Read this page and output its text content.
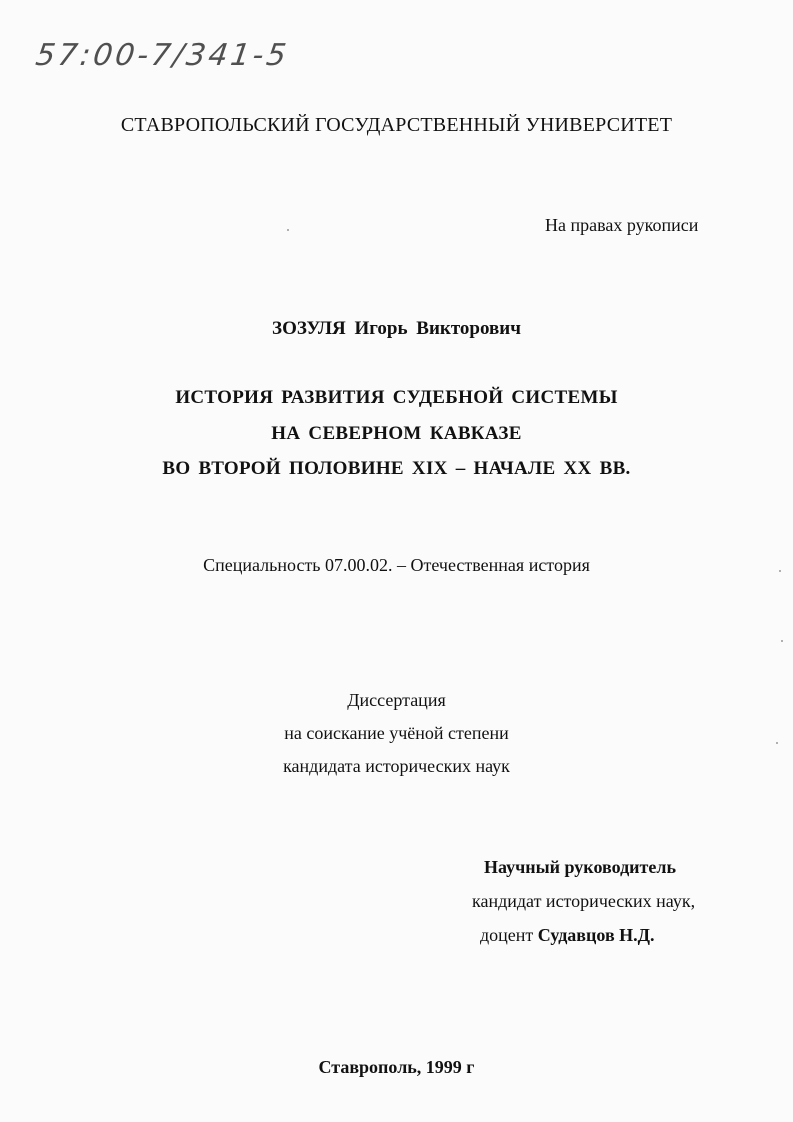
57:00-7/341-5
СТАВРОПОЛЬСКИЙ ГОСУДАРСТВЕННЫЙ УНИВЕРСИТЕТ
На правах рукописи
ЗОЗУЛЯ Игорь Викторович
ИСТОРИЯ РАЗВИТИЯ СУДЕБНОЙ СИСТЕМЫ
НА СЕВЕРНОМ КАВКАЗЕ
ВО ВТОРОЙ ПОЛОВИНЕ XIX – НАЧАЛЕ XX ВВ.
Специальность 07.00.02. – Отечественная история
Диссертация
на соискание учёной степени
кандидата исторических наук
Научный руководитель
кандидат исторических наук,
доцент Судавцов Н.Д.
Ставрополь, 1999 г
